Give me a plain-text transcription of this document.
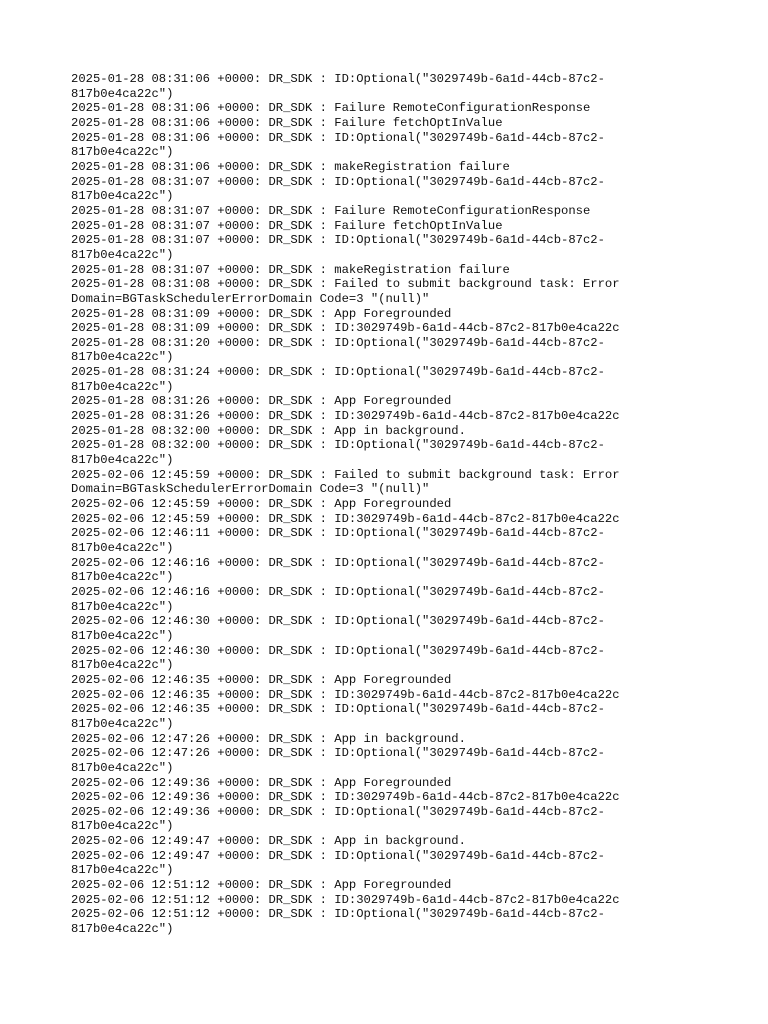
2025-01-28 08:31:06 +0000: DR_SDK : ID:Optional("3029749b-6a1d-44cb-87c2-
817b0e4ca22c")
2025-01-28 08:31:06 +0000: DR_SDK : Failure RemoteConfigurationResponse
2025-01-28 08:31:06 +0000: DR_SDK : Failure fetchOptInValue
2025-01-28 08:31:06 +0000: DR_SDK : ID:Optional("3029749b-6a1d-44cb-87c2-
817b0e4ca22c")
2025-01-28 08:31:06 +0000: DR_SDK : makeRegistration failure
2025-01-28 08:31:07 +0000: DR_SDK : ID:Optional("3029749b-6a1d-44cb-87c2-
817b0e4ca22c")
2025-01-28 08:31:07 +0000: DR_SDK : Failure RemoteConfigurationResponse
2025-01-28 08:31:07 +0000: DR_SDK : Failure fetchOptInValue
2025-01-28 08:31:07 +0000: DR_SDK : ID:Optional("3029749b-6a1d-44cb-87c2-
817b0e4ca22c")
2025-01-28 08:31:07 +0000: DR_SDK : makeRegistration failure
2025-01-28 08:31:08 +0000: DR_SDK : Failed to submit background task: Error
Domain=BGTaskSchedulerErrorDomain Code=3 "(null)"
2025-01-28 08:31:09 +0000: DR_SDK : App Foregrounded
2025-01-28 08:31:09 +0000: DR_SDK : ID:3029749b-6a1d-44cb-87c2-817b0e4ca22c
2025-01-28 08:31:20 +0000: DR_SDK : ID:Optional("3029749b-6a1d-44cb-87c2-
817b0e4ca22c")
2025-01-28 08:31:24 +0000: DR_SDK : ID:Optional("3029749b-6a1d-44cb-87c2-
817b0e4ca22c")
2025-01-28 08:31:26 +0000: DR_SDK : App Foregrounded
2025-01-28 08:31:26 +0000: DR_SDK : ID:3029749b-6a1d-44cb-87c2-817b0e4ca22c
2025-01-28 08:32:00 +0000: DR_SDK : App in background.
2025-01-28 08:32:00 +0000: DR_SDK : ID:Optional("3029749b-6a1d-44cb-87c2-
817b0e4ca22c")
2025-02-06 12:45:59 +0000: DR_SDK : Failed to submit background task: Error
Domain=BGTaskSchedulerErrorDomain Code=3 "(null)"
2025-02-06 12:45:59 +0000: DR_SDK : App Foregrounded
2025-02-06 12:45:59 +0000: DR_SDK : ID:3029749b-6a1d-44cb-87c2-817b0e4ca22c
2025-02-06 12:46:11 +0000: DR_SDK : ID:Optional("3029749b-6a1d-44cb-87c2-
817b0e4ca22c")
2025-02-06 12:46:16 +0000: DR_SDK : ID:Optional("3029749b-6a1d-44cb-87c2-
817b0e4ca22c")
2025-02-06 12:46:16 +0000: DR_SDK : ID:Optional("3029749b-6a1d-44cb-87c2-
817b0e4ca22c")
2025-02-06 12:46:30 +0000: DR_SDK : ID:Optional("3029749b-6a1d-44cb-87c2-
817b0e4ca22c")
2025-02-06 12:46:30 +0000: DR_SDK : ID:Optional("3029749b-6a1d-44cb-87c2-
817b0e4ca22c")
2025-02-06 12:46:35 +0000: DR_SDK : App Foregrounded
2025-02-06 12:46:35 +0000: DR_SDK : ID:3029749b-6a1d-44cb-87c2-817b0e4ca22c
2025-02-06 12:46:35 +0000: DR_SDK : ID:Optional("3029749b-6a1d-44cb-87c2-
817b0e4ca22c")
2025-02-06 12:47:26 +0000: DR_SDK : App in background.
2025-02-06 12:47:26 +0000: DR_SDK : ID:Optional("3029749b-6a1d-44cb-87c2-
817b0e4ca22c")
2025-02-06 12:49:36 +0000: DR_SDK : App Foregrounded
2025-02-06 12:49:36 +0000: DR_SDK : ID:3029749b-6a1d-44cb-87c2-817b0e4ca22c
2025-02-06 12:49:36 +0000: DR_SDK : ID:Optional("3029749b-6a1d-44cb-87c2-
817b0e4ca22c")
2025-02-06 12:49:47 +0000: DR_SDK : App in background.
2025-02-06 12:49:47 +0000: DR_SDK : ID:Optional("3029749b-6a1d-44cb-87c2-
817b0e4ca22c")
2025-02-06 12:51:12 +0000: DR_SDK : App Foregrounded
2025-02-06 12:51:12 +0000: DR_SDK : ID:3029749b-6a1d-44cb-87c2-817b0e4ca22c
2025-02-06 12:51:12 +0000: DR_SDK : ID:Optional("3029749b-6a1d-44cb-87c2-
817b0e4ca22c")
